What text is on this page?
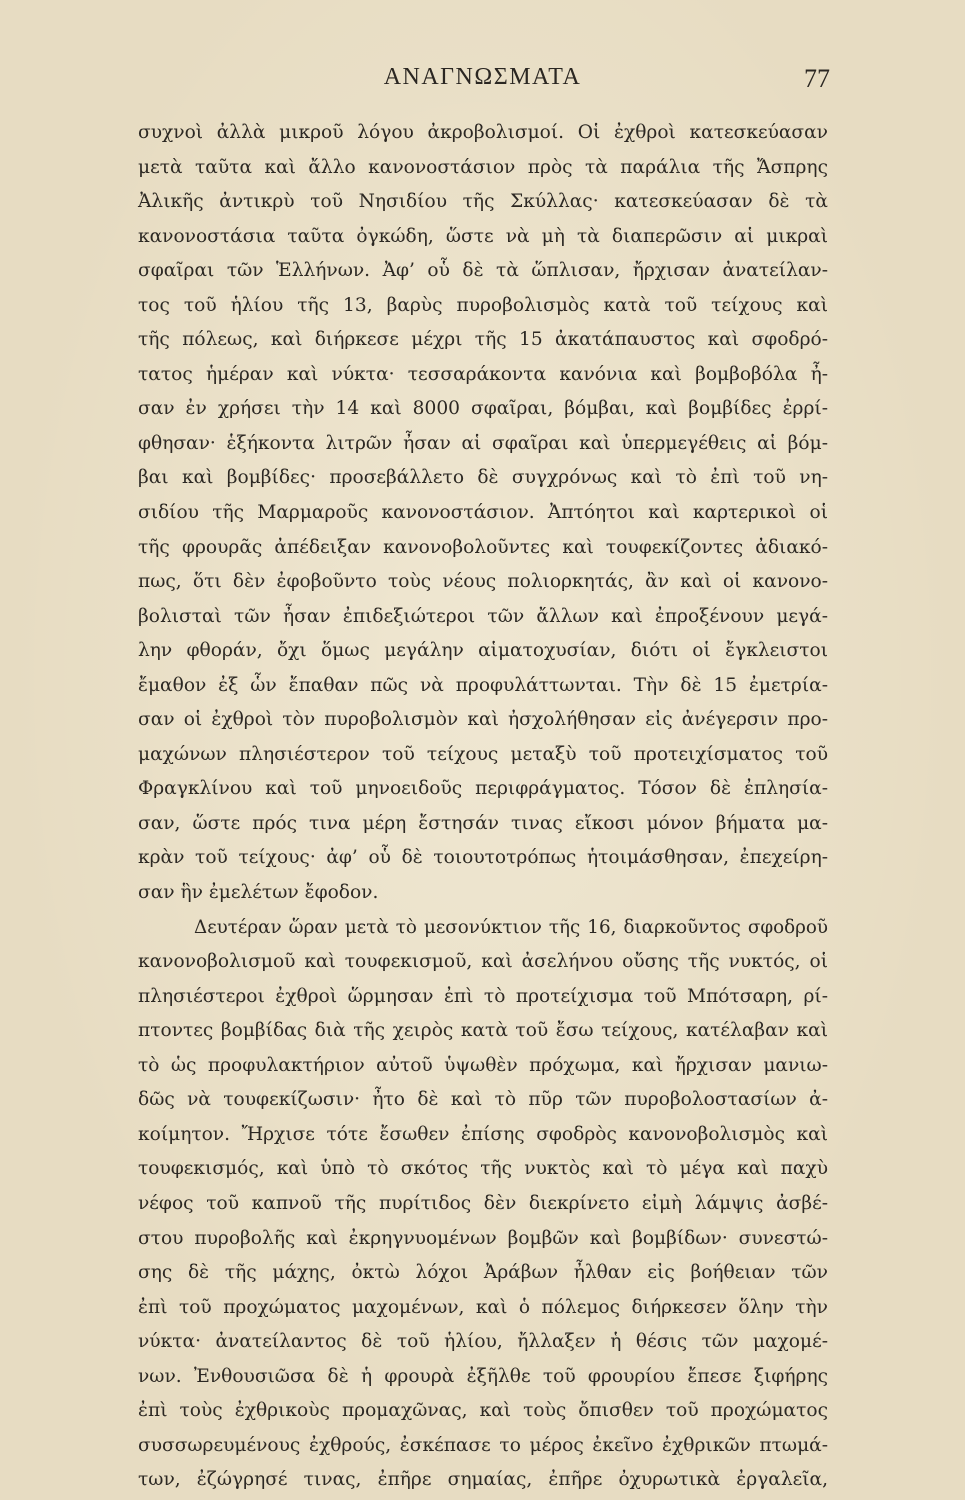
ΑΝΑΓΝΩΣΜΑΤΑ	77
συχνοὶ ἀλλὰ μικροῦ λόγου ἀκροβολισμοί. Οἱ ἐχθροὶ κατεσκεύασαν
μετὰ ταῦτα καὶ ἄλλο κανονοστάσιον πρὸς τὰ παράλια τῆς Ἄσπρης
Ἀλικῆς ἀντικρὺ τοῦ Νησιδίου τῆς Σκύλλας· κατεσκεύασαν δὲ τὰ
κανονοστάσια ταῦτα ὀγκώδη, ὥστε νὰ μὴ τὰ διαπερῶσιν αἱ μικραὶ
σφαῖραι τῶν Ἑλλήνων. Ἀφ’ οὗ δὲ τὰ ὥπλισαν, ἤρχισαν ἀνατείλαν-
τος τοῦ ἡλίου τῆς 13, βαρὺς πυροβολισμὸς κατὰ τοῦ τείχους καὶ
τῆς πόλεως, καὶ διήρκεσε μέχρι τῆς 15 ἀκατάπαυστος καὶ σφοδρό-
τατος ἡμέραν καὶ νύκτα· τεσσαράκοντα κανόνια καὶ βομβοβόλα ἦ-
σαν ἐν χρήσει τὴν 14 καὶ 8000 σφαῖραι, βόμβαι, καὶ βομβίδες ἐρρί-
φθησαν· ἑξήκοντα λιτρῶν ἦσαν αἱ σφαῖραι καὶ ὑπερμεγέθεις αἱ βόμ-
βαι καὶ βομβίδες· προσεβάλλετο δὲ συγχρόνως καὶ τὸ ἐπὶ τοῦ νη-
σιδίου τῆς Μαρμαροῦς κανονοστάσιον. Ἀπτόητοι καὶ καρτερικοὶ οἱ
τῆς φρουρᾶς ἀπέδειξαν κανονοβολοῦντες καὶ τουφεκίζοντες ἀδιακό-
πως, ὅτι δὲν ἐφοβοῦντο τοὺς νέους πολιορκητάς, ἂν καὶ οἱ κανονο-
βολισταὶ τῶν ἦσαν ἐπιδεξιώτεροι τῶν ἄλλων καὶ ἐπροξένουν μεγά-
λην φθοράν, ὄχι ὅμως μεγάλην αἱματοχυσίαν, διότι οἱ ἔγκλειστοι
ἔμαθον ἐξ ὧν ἔπαθαν πῶς νὰ προφυλάττωνται. Τὴν δὲ 15 ἐμετρία-
σαν οἱ ἐχθροὶ τὸν πυροβολισμὸν καὶ ἠσχολήθησαν εἰς ἀνέγερσιν προ-
μαχώνων πλησιέστερον τοῦ τείχους μεταξὺ τοῦ προτειχίσματος τοῦ
Φραγκλίνου καὶ τοῦ μηνοειδοῦς περιφράγματος. Τόσον δὲ ἐπλησία-
σαν, ὥστε πρός τινα μέρη ἔστησάν τινας εἴκοσι μόνον βήματα μα-
κρὰν τοῦ τείχους· ἀφ’ οὗ δὲ τοιουτοτρόπως ἡτοιμάσθησαν, ἐπεχείρη-
σαν ἣν ἐμελέτων ἔφοδον.
Δευτέραν ὥραν μετὰ τὸ μεσονύκτιον τῆς 16, διαρκοῦντος σφοδροῦ
κανονοβολισμοῦ καὶ τουφεκισμοῦ, καὶ ἀσελήνου οὔσης τῆς νυκτός, οἱ
πλησιέστεροι ἐχθροὶ ὥρμησαν ἐπὶ τὸ προτείχισμα τοῦ Μπότσαρη, ρί-
πτοντες βομβίδας διὰ τῆς χειρὸς κατὰ τοῦ ἔσω τείχους, κατέλαβαν καὶ
τὸ ὡς προφυλακτήριον αὐτοῦ ὑψωθὲν πρόχωμα, καὶ ἤρχισαν μανιω-
δῶς νὰ τουφεκίζωσιν· ἦτο δὲ καὶ τὸ πῦρ τῶν πυροβολοστασίων ἀ-
κοίμητον. Ἤρχισε τότε ἔσωθεν ἐπίσης σφοδρὸς κανονοβολισμὸς καὶ
τουφεκισμός, καὶ ὑπὸ τὸ σκότος τῆς νυκτὸς καὶ τὸ μέγα καὶ παχὺ
νέφος τοῦ καπνοῦ τῆς πυρίτιδος δὲν διεκρίνετο εἰμὴ λάμψις ἀσβέ-
στου πυροβολῆς καὶ ἐκρηγνυομένων βομβῶν καὶ βομβίδων· συνεστώ-
σης δὲ τῆς μάχης, ὀκτὼ λόχοι Ἀράβων ἦλθαν εἰς βοήθειαν τῶν
ἐπὶ τοῦ προχώματος μαχομένων, καὶ ὁ πόλεμος διήρκεσεν ὅλην τὴν
νύκτα· ἀνατείλαντος δὲ τοῦ ἡλίου, ἤλλαξεν ἡ θέσις τῶν μαχομέ-
νων. Ἐνθουσιῶσα δὲ ἡ φρουρὰ ἐξῆλθε τοῦ φρουρίου ἔπεσε ξιφήρης
ἐπὶ τοὺς ἐχθρικοὺς προμαχῶνας, καὶ τοὺς ὄπισθεν τοῦ προχώματος
συσσωρευμένους ἐχθρούς, ἐσκέπασε το μέρος ἐκεῖνο ἐχθρικῶν πτωμά-
των, ἐζώγρησέ τινας, ἐπῆρε σημαίας, ἐπῆρε ὀχυρωτικὰ ἐργαλεῖα,
